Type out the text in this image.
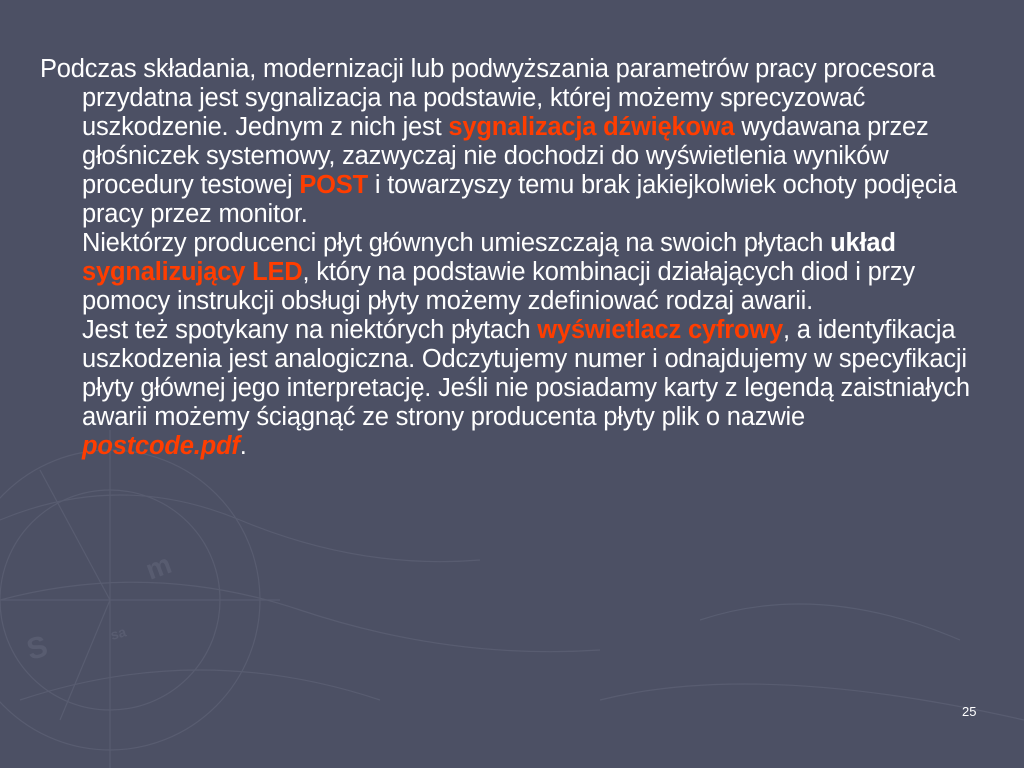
m
S	sa

Podczas składania, modernizacji lub podwyższania parametrów pracy procesora przydatna jest sygnalizacja na podstawie, której możemy sprecyzować uszkodzenie. Jednym z nich jest sygnalizacja dźwiękowa wydawana przez głośniczek systemowy, zazwyczaj nie dochodzi do wyświetlenia wyników procedury testowej POST i towarzyszy temu brak jakiejkolwiek ochoty podjęcia pracy przez monitor.

Niektórzy producenci płyt głównych umieszczają na swoich płytach układ sygnalizujący LED, który na podstawie kombinacji działających diod i przy pomocy instrukcji obsługi płyty możemy zdefiniować rodzaj awarii.

Jest też spotykany na niektórych płytach wyświetlacz cyfrowy, a identyfikacja uszkodzenia jest analogiczna. Odczytujemy numer i odnajdujemy w specyfikacji płyty głównej jego interpretację. Jeśli nie posiadamy karty z legendą zaistniałych awarii możemy ściągnąć ze strony producenta płyty plik o nazwie postcode.pdf.

25
